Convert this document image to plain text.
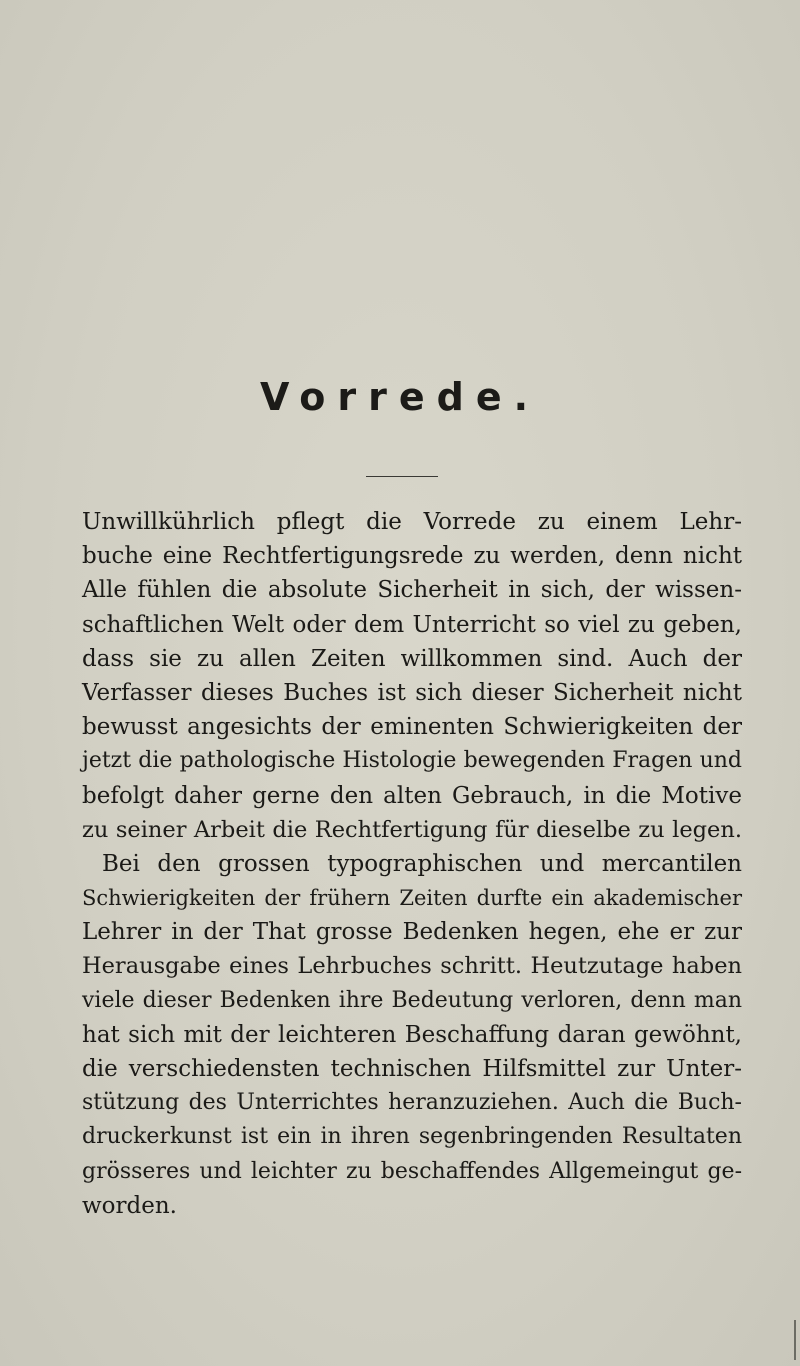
Vorrede.
Unwillkührlich pflegt die Vorrede zu einem Lehr-
buche eine Rechtfertigungsrede zu werden, denn nicht
Alle fühlen die absolute Sicherheit in sich, der wissen-
schaftlichen Welt oder dem Unterricht so viel zu geben,
dass sie zu allen Zeiten willkommen sind. Auch der
Verfasser dieses Buches ist sich dieser Sicherheit nicht
bewusst angesichts der eminenten Schwierigkeiten der
jetzt die pathologische Histologie bewegenden Fragen und
befolgt daher gerne den alten Gebrauch, in die Motive
zu seiner Arbeit die Rechtfertigung für dieselbe zu legen.
Bei den grossen typographischen und mercantilen
Schwierigkeiten der frühern Zeiten durfte ein akademischer
Lehrer in der That grosse Bedenken hegen, ehe er zur
Herausgabe eines Lehrbuches schritt. Heutzutage haben
viele dieser Bedenken ihre Bedeutung verloren, denn man
hat sich mit der leichteren Beschaffung daran gewöhnt,
die verschiedensten technischen Hilfsmittel zur Unter-
stützung des Unterrichtes heranzuziehen. Auch die Buch-
druckerkunst ist ein in ihren segenbringenden Resultaten
grösseres und leichter zu beschaffendes Allgemeingut ge-
worden.
